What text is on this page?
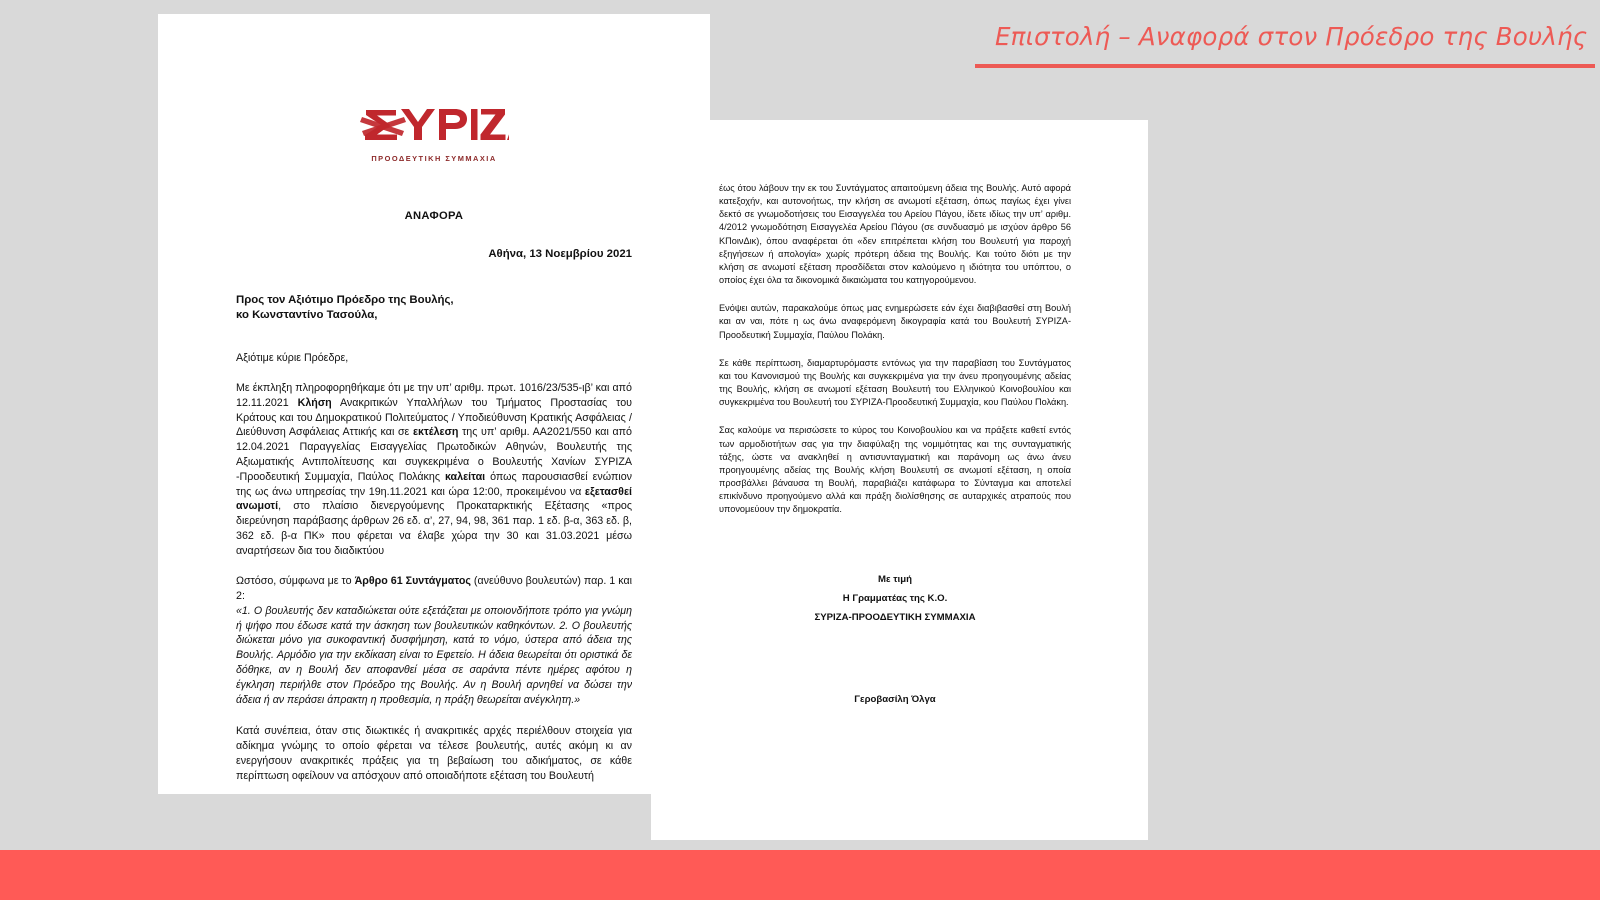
Επιστολή – Αναφορά στον Πρόεδρο της Βουλής
ΠΡΟΟΔΕΥΤΙΚΗ ΣΥΜΜΑΧΙΑ
ΑΝΑΦΟΡΑ
Αθήνα, 13 Νοεμβρίου 2021
Προς τον Αξιότιμο Πρόεδρο της Βουλής,
κο Κωνσταντίνο Τασούλα,
Αξιότιμε κύριε Πρόεδρε,
Με έκπληξη πληροφορηθήκαμε ότι με την υπ’ αριθμ. πρωτ. 1016/23/535-ιβ’ και από 12.11.2021 Κλήση Ανακριτικών Υπαλλήλων του Τμήματος Προστασίας του Κράτους και του Δημοκρατικού Πολιτεύματος / Υποδιεύθυνση Κρατικής Ασφάλειας / Διεύθυνση Ασφάλειας Αττικής και σε εκτέλεση της υπ’ αριθμ. ΑΑ2021/550 και από 12.04.2021 Παραγγελίας Εισαγγελίας Πρωτοδικών Αθηνών, Βουλευτής της Αξιωματικής Αντιπολίτευσης και συγκεκριμένα ο Βουλευτής Χανίων ΣΥΡΙΖΑ -Προοδευτική Συμμαχία, Παύλος Πολάκης καλείται όπως παρουσιασθεί ενώπιον της ως άνω υπηρεσίας την 19η.11.2021 και ώρα 12:00, προκειμένου να εξετασθεί ανωμοτί, στο πλαίσιο διενεργούμενης Προκαταρκτικής Εξέτασης «προς διερεύνηση παράβασης άρθρων 26 εδ. α’, 27, 94, 98, 361 παρ. 1 εδ. β-α, 363 εδ. β, 362 εδ. β-α ΠΚ» που φέρεται να έλαβε χώρα την 30 και 31.03.2021 μέσω αναρτήσεων δια του διαδικτύου
Ωστόσο, σύμφωνα με το Άρθρο 61 Συντάγματος (ανεύθυνο βουλευτών) παρ. 1 και 2:
«1. Ο βουλευτής δεν καταδιώκεται ούτε εξετάζεται με οποιονδήποτε τρόπο για γνώμη ή ψήφο που έδωσε κατά την άσκηση των βουλευτικών καθηκόντων. 2. Ο βουλευτής διώκεται μόνο για συκοφαντική δυσφήμηση, κατά το νόμο, ύστερα από άδεια της Βουλής. Αρμόδιο για την εκδίκαση είναι το Εφετείο. Η άδεια θεωρείται ότι οριστικά δε δόθηκε, αν η Βουλή δεν αποφανθεί μέσα σε σαράντα πέντε ημέρες αφότου η έγκληση περιήλθε στον Πρόεδρο της Βουλής. Αν η Βουλή αρνηθεί να δώσει την άδεια ή αν περάσει άπρακτη η προθεσμία, η πράξη θεωρείται ανέγκλητη.»
Κατά συνέπεια, όταν στις διωκτικές ή ανακριτικές αρχές περιέλθουν στοιχεία για αδίκημα γνώμης το οποίο φέρεται να τέλεσε βουλευτής, αυτές ακόμη κι αν ενεργήσουν ανακριτικές πράξεις για τη βεβαίωση του αδικήματος, σε κάθε περίπτωση οφείλουν να απόσχουν από οποιαδήποτε εξέταση του Βουλευτή
έως ότου λάβουν την εκ του Συντάγματος απαιτούμενη άδεια της Βουλής. Αυτό αφορά κατεξοχήν, και αυτονοήτως, την κλήση σε ανωμοτί εξέταση, όπως παγίως έχει γίνει δεκτό σε γνωμοδοτήσεις του Εισαγγελέα του Αρείου Πάγου, ίδετε ιδίως την υπ’ αριθμ. 4/2012 γνωμοδότηση Εισαγγελέα Αρείου Πάγου (σε συνδυασμό με ισχύον άρθρο 56 ΚΠοινΔικ), όπου αναφέρεται ότι «δεν επιτρέπεται κλήση του Βουλευτή για παροχή εξηγήσεων ή απολογία» χωρίς πρότερη άδεια της Βουλής. Και τούτο διότι με την κλήση σε ανωμοτί εξέταση προσδίδεται στον καλούμενο η ιδιότητα του υπόπτου, ο οποίος έχει όλα τα δικονομικά δικαιώματα του κατηγορούμενου.
Ενόψει αυτών, παρακαλούμε όπως μας ενημερώσετε εάν έχει διαβιβασθεί στη Βουλή και αν ναι, πότε η ως άνω αναφερόμενη δικογραφία κατά του Βουλευτή ΣΥΡΙΖΑ-Προοδευτική Συμμαχία, Παύλου Πολάκη.
Σε κάθε περίπτωση, διαμαρτυρόμαστε εντόνως για την παραβίαση του Συντάγματος και του Κανονισμού της Βουλής και συγκεκριμένα για την άνευ προηγουμένης αδείας της Βουλής, κλήση σε ανωμοτί εξέταση Βουλευτή του Ελληνικού Κοινοβουλίου και συγκεκριμένα του Βουλευτή του ΣΥΡΙΖΑ-Προοδευτική Συμμαχία, κου Παύλου Πολάκη.
Σας καλούμε να περισώσετε το κύρος του Κοινοβουλίου και να πράξετε καθετί εντός των αρμοδιοτήτων σας για την διαφύλαξη της νομιμότητας και της συνταγματικής τάξης, ώστε να ανακληθεί η αντισυνταγματική και παράνομη ως άνω άνευ προηγουμένης αδείας της Βουλής κλήση Βουλευτή σε ανωμοτί εξέταση, η οποία προσβάλλει βάναυσα τη Βουλή, παραβιάζει κατάφωρα το Σύνταγμα και αποτελεί επικίνδυνο προηγούμενο αλλά και πράξη διολίσθησης σε αυταρχικές ατραπούς που υπονομεύουν την δημοκρατία.
Με τιμή
Η Γραμματέας της Κ.Ο.
ΣΥΡΙΖΑ-ΠΡΟΟΔΕΥΤΙΚΗ ΣΥΜΜΑΧΙΑ
Γεροβασίλη Όλγα
